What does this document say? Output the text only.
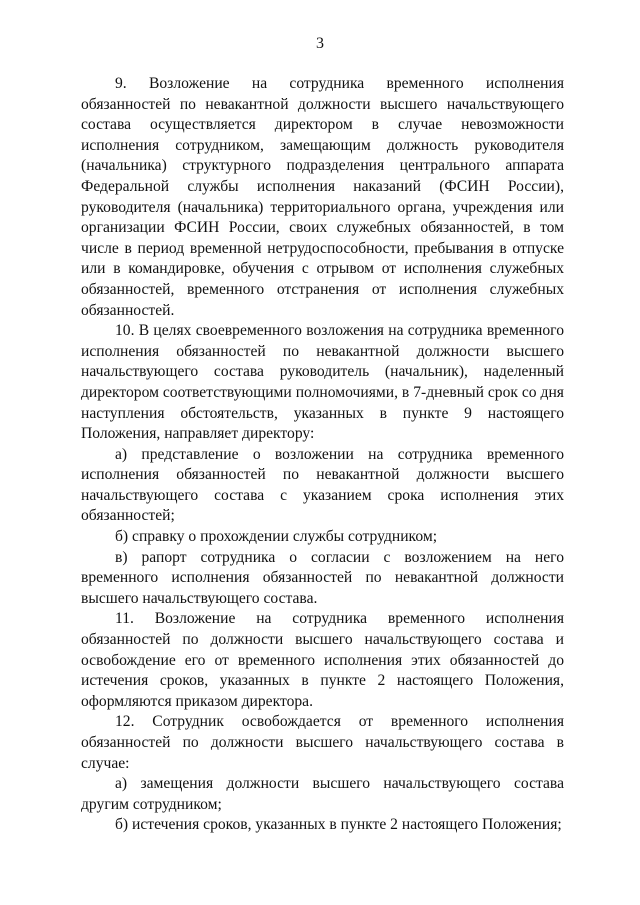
3

9. Возложение на сотрудника временного исполнения обязанностей по невакантной должности высшего начальствующего состава осуществляется директором в случае невозможности исполнения сотрудником, замещающим должность руководителя (начальника) структурного подразделения центрального аппарата Федеральной службы исполнения наказаний (ФСИН России), руководителя (начальника) территориального органа, учреждения или организации ФСИН России, своих служебных обязанностей, в том числе в период временной нетрудоспособности, пребывания в отпуске или в командировке, обучения с отрывом от исполнения служебных обязанностей, временного отстранения от исполнения служебных обязанностей.

10. В целях своевременного возложения на сотрудника временного исполнения обязанностей по невакантной должности высшего начальствующего состава руководитель (начальник), наделенный директором соответствующими полномочиями, в 7-дневный срок со дня наступления обстоятельств, указанных в пункте 9 настоящего Положения, направляет директору:

а) представление о возложении на сотрудника временного исполнения обязанностей по невакантной должности высшего начальствующего состава с указанием срока исполнения этих обязанностей;

б) справку о прохождении службы сотрудником;

в) рапорт сотрудника о согласии с возложением на него временного исполнения обязанностей по невакантной должности высшего начальствующего состава.

11. Возложение на сотрудника временного исполнения обязанностей по должности высшего начальствующего состава и освобождение его от временного исполнения этих обязанностей до истечения сроков, указанных в пункте 2 настоящего Положения, оформляются приказом директора.

12. Сотрудник освобождается от временного исполнения обязанностей по должности высшего начальствующего состава в случае:

а) замещения должности высшего начальствующего состава другим сотрудником;

б) истечения сроков, указанных в пункте 2 настоящего Положения;
